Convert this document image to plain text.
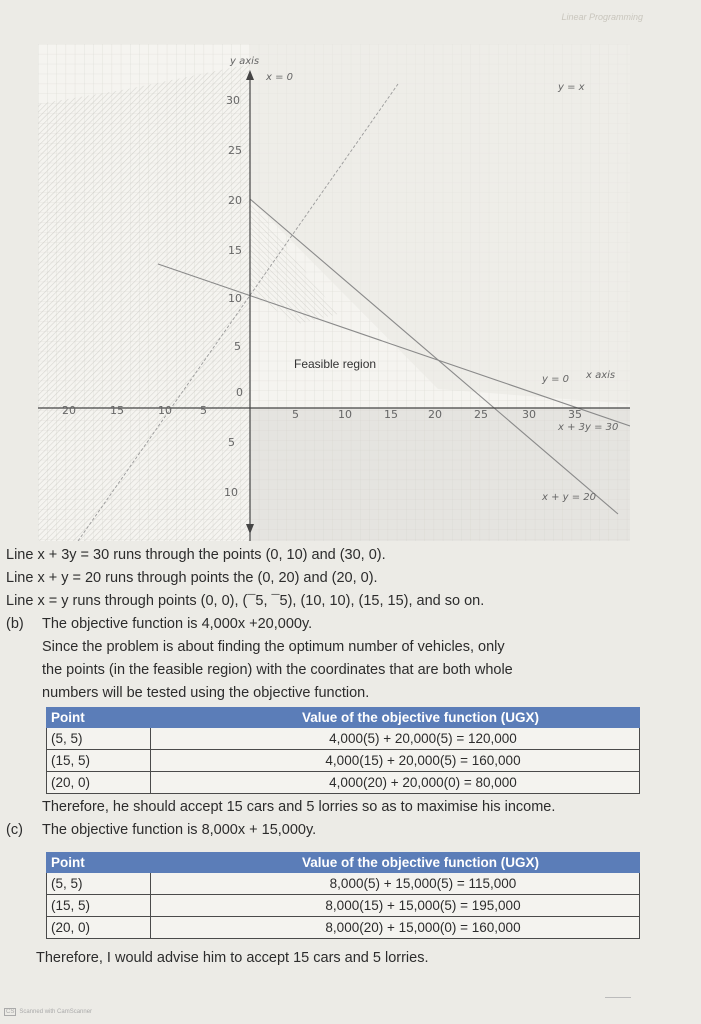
Linear Programming
30
25
20
15
10
5
0
5
10
20	15	10	5	5	10	15	20	25	30	35
y axis
x = 0
x axis
y = 0
x + 3y = 30
x + y = 20
y = x
Feasible region
Line x + 3y = 30 runs through the points (0, 10) and (30, 0).
Line x + y = 20 runs through points the (0, 20) and (20, 0).
Line x = y runs through points (0, 0), (¯5, ¯5), (10, 10), (15, 15), and so on.
(b)	The objective function is 4,000x +20,000y.
Since the problem is about finding the optimum number of vehicles, only
the points (in the feasible region) with the coordinates that are both whole
numbers will be tested using the objective function.
Point	Value of the objective function (UGX)
(5, 5)	4,000(5) + 20,000(5) = 120,000
(15, 5)	4,000(15) + 20,000(5) = 160,000
(20, 0)	4,000(20) + 20,000(0) = 80,000
Therefore, he should accept 15 cars and 5 lorries so as to maximise his income.
(c)	The objective function is 8,000x + 15,000y.
Point	Value of the objective function (UGX)
(5, 5)	8,000(5) + 15,000(5) = 115,000
(15, 5)	8,000(15) + 15,000(5) = 195,000
(20, 0)	8,000(20) + 15,000(0) = 160,000
Therefore, I would advise him to accept 15 cars and 5 lorries.
CS Scanned with CamScanner
